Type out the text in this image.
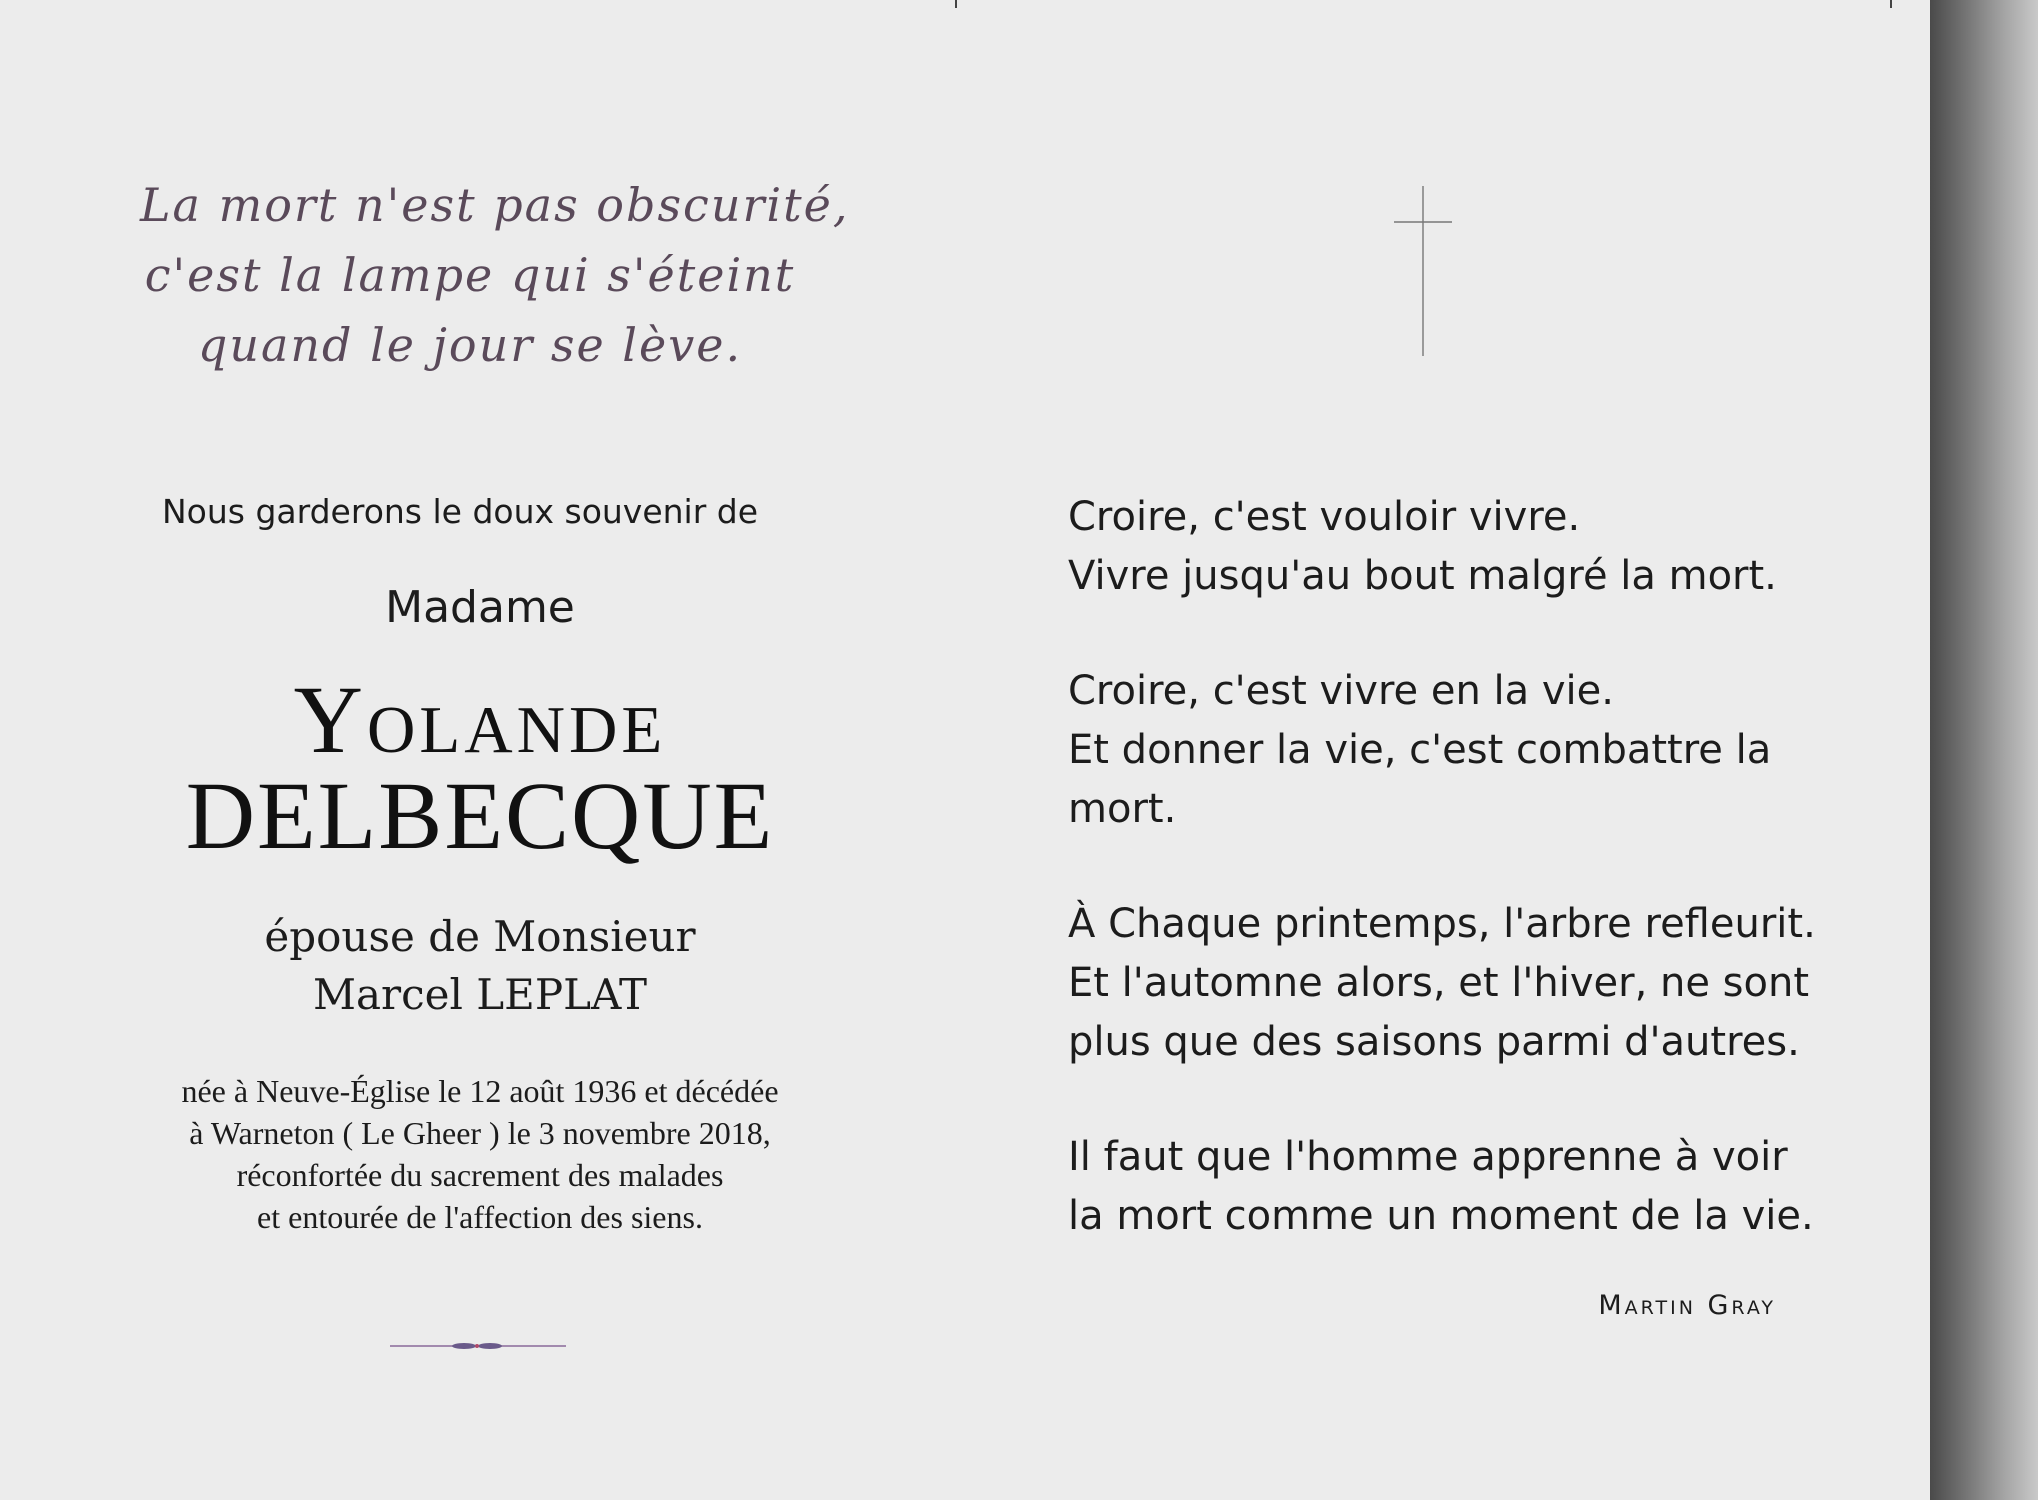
La mort n'est pas obscurité,
c'est la lampe qui s'éteint
quand le jour se lève.
Nous garderons le doux souvenir de
Madame
Yolande
DELBECQUE
épouse de Monsieur
Marcel LEPLAT
née à Neuve-Église le 12 août 1936 et décédée
à Warneton ( Le Gheer ) le 3 novembre 2018,
réconfortée du sacrement des malades
et entourée de l'affection des siens.
Croire, c'est vouloir vivre.
Vivre jusqu'au bout malgré la mort.
Croire, c'est vivre en la vie.
Et donner la vie, c'est combattre la
mort.
À Chaque printemps, l'arbre refleurit.
Et l'automne alors, et l'hiver, ne sont
plus que des saisons parmi d'autres.
Il faut que l'homme apprenne à voir
la mort comme un moment de la vie.
Martin Gray
